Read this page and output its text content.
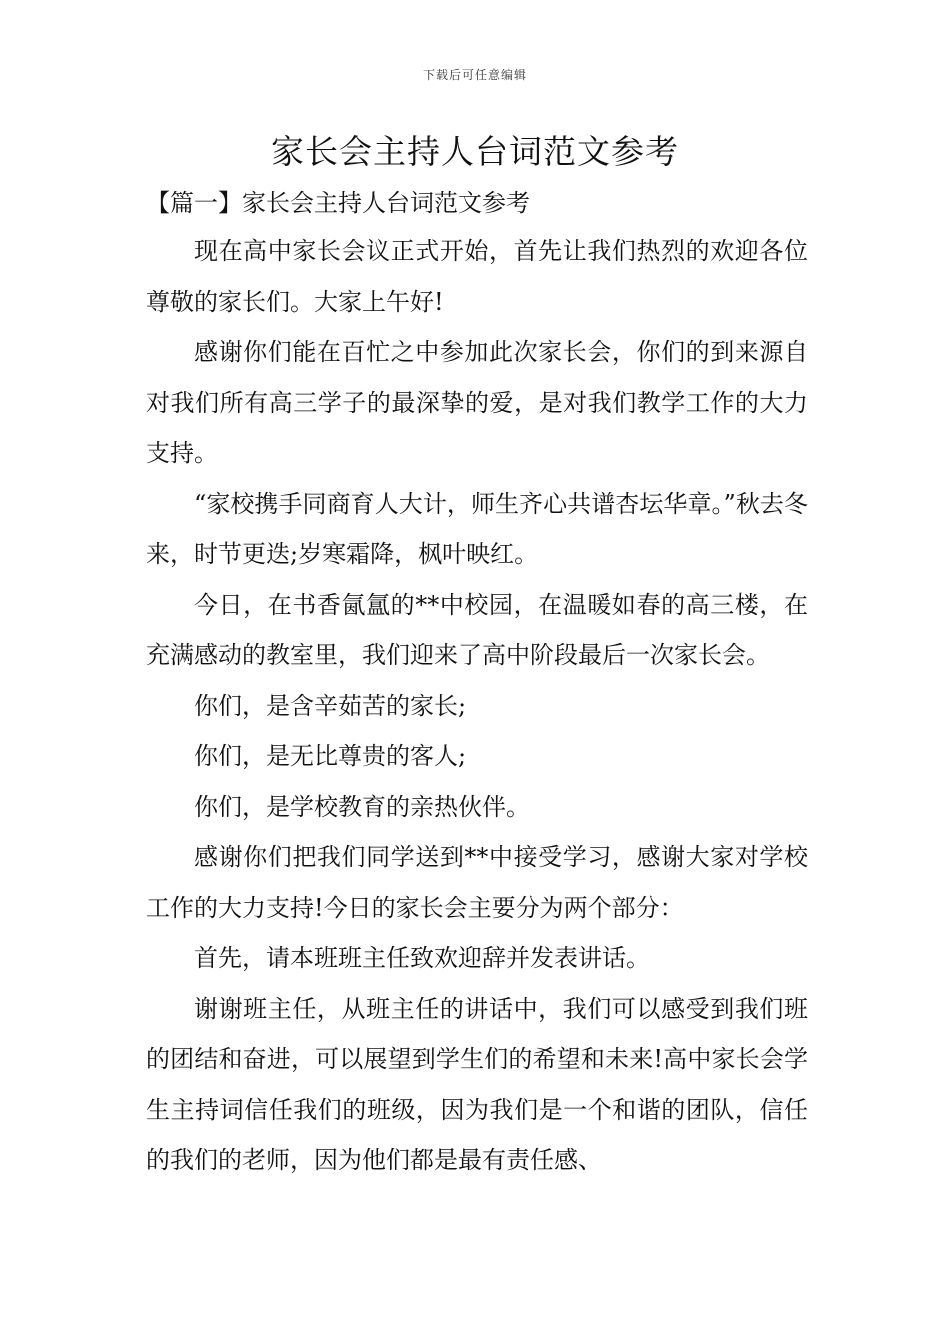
下载后可任意编辑
家长会主持人台词范文参考
【篇一】家长会主持人台词范文参考

现在高中家长会议正式开始，首先让我们热烈的欢迎各位尊敬的家长们。大家上午好!

感谢你们能在百忙之中参加此次家长会，你们的到来源自对我们所有高三学子的最深挚的爱，是对我们教学工作的大力支持。

“家校携手同商育人大计，师生齐心共谱杏坛华章。”秋去冬来，时节更迭;岁寒霜降，枫叶映红。

今日，在书香氤氲的**中校园，在温暖如春的高三楼，在充满感动的教室里，我们迎来了高中阶段最后一次家长会。

你们，是含辛茹苦的家长;

你们，是无比尊贵的客人;

你们，是学校教育的亲热伙伴。

感谢你们把我们同学送到**中接受学习，感谢大家对学校工作的大力支持!今日的家长会主要分为两个部分：

首先，请本班班主任致欢迎辞并发表讲话。

谢谢班主任，从班主任的讲话中，我们可以感受到我们班的团结和奋进，可以展望到学生们的希望和未来!高中家长会学生主持词信任我们的班级，因为我们是一个和谐的团队，信任的我们的老师，因为他们都是最有责任感、
